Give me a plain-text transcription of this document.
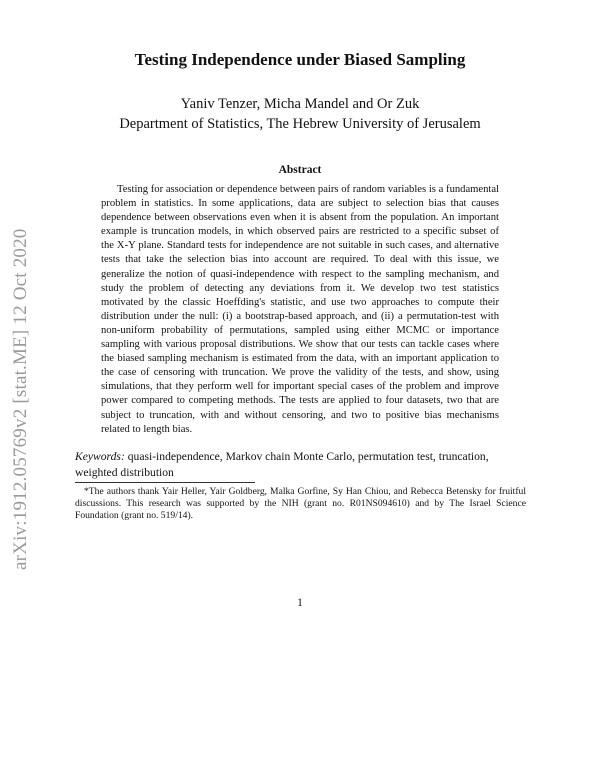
arXiv:1912.05769v2 [stat.ME] 12 Oct 2020
Testing Independence under Biased Sampling
Yaniv Tenzer, Micha Mandel and Or Zuk
Department of Statistics, The Hebrew University of Jerusalem
Abstract
Testing for association or dependence between pairs of random variables is a fundamental problem in statistics. In some applications, data are subject to selection bias that causes dependence between observations even when it is absent from the population. An important example is truncation models, in which observed pairs are restricted to a specific subset of the X-Y plane. Standard tests for independence are not suitable in such cases, and alternative tests that take the selection bias into account are required. To deal with this issue, we generalize the notion of quasi-independence with respect to the sampling mechanism, and study the problem of detecting any deviations from it. We develop two test statistics motivated by the classic Hoeffding's statistic, and use two approaches to compute their distribution under the null: (i) a bootstrap-based approach, and (ii) a permutation-test with non-uniform probability of permutations, sampled using either MCMC or importance sampling with various proposal distributions. We show that our tests can tackle cases where the biased sampling mechanism is estimated from the data, with an important application to the case of censoring with truncation. We prove the validity of the tests, and show, using simulations, that they perform well for important special cases of the problem and improve power compared to competing methods. The tests are applied to four datasets, two that are subject to truncation, with and without censoring, and two to positive bias mechanisms related to length bias.
Keywords: quasi-independence, Markov chain Monte Carlo, permutation test, truncation, weighted distribution
*The authors thank Yair Heller, Yair Goldberg, Malka Gorfine, Sy Han Chiou, and Rebecca Betensky for fruitful discussions. This research was supported by the NIH (grant no. R01NS094610) and by The Israel Science Foundation (grant no. 519/14).
1
